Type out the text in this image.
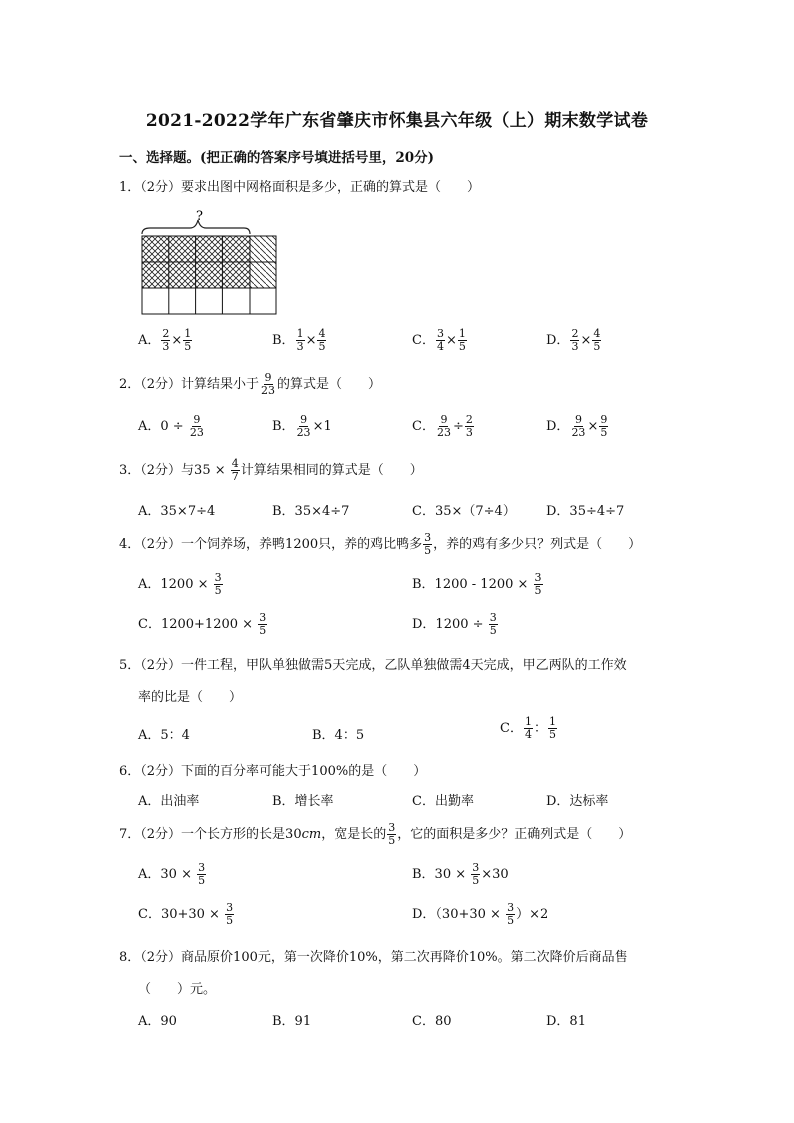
2021-2022学年广东省肇庆市怀集县六年级（上）期末数学试卷
一、选择题。(把正确的答案序号填进括号里，20分)
1．（2分）要求出图中网格面积是多少，正确的算式是（　　）
?
A． $\frac{2}{3} \times \frac{1}{5}$	B． $\frac{1}{3} \times \frac{4}{5}$	C． $\frac{3}{4} \times \frac{1}{5}$	D． $\frac{2}{3} \times \frac{4}{5}$
2．（2分）计算结果小于 $\frac{9}{23}$ 的算式是（　　）
A．$0 \div \frac{9}{23}$	B． $\frac{9}{23} \times 1$	C． $\frac{9}{23} \div \frac{2}{3}$	D． $\frac{9}{23} \times \frac{9}{5}$
3．（2分）与$35 \times \frac{4}{7}$ 计算结果相同的算式是（　　）
A．35×7÷4	B．35×4÷7	C．35×（7÷4） D．35÷4÷7
4．（2分）一个饲养场，养鸭1200只，养的鸡比鸭多 $\frac{3}{5}$ ，养的鸡有多少只？列式是（　　）
A．$1200 \times \frac{3}{5}$	B．$1200 - 1200 \times \frac{3}{5}$
C．$1200+1200 \times \frac{3}{5}$	D．$1200 \div \frac{3}{5}$
5．（2分）一件工程，甲队单独做需5天完成，乙队单独做需4天完成，甲乙两队的工作效
率的比是（　　）
A．5：4	B．4：5	C． $\frac{1}{4}$ ： $\frac{1}{5}$
6．（2分）下面的百分率可能大于100%的是（　　）
A．出油率	B．增长率	C．出勤率	D．达标率
7．（2分）一个长方形的长是30cm，宽是长的 $\frac{3}{5}$ ，它的面积是多少？正确列式是（　　）
A．$30 \times \frac{3}{5}$	B．$30 \times \frac{3}{5} \times 30$
C．$30+30 \times \frac{3}{5}$	D．$(30+30 \times \frac{3}{5} )\times 2$
8．（2分）商品原价100元，第一次降价10%，第二次再降价10%。第二次降价后商品售
（　　）元。
A．90	B．91	C．80	D．81
